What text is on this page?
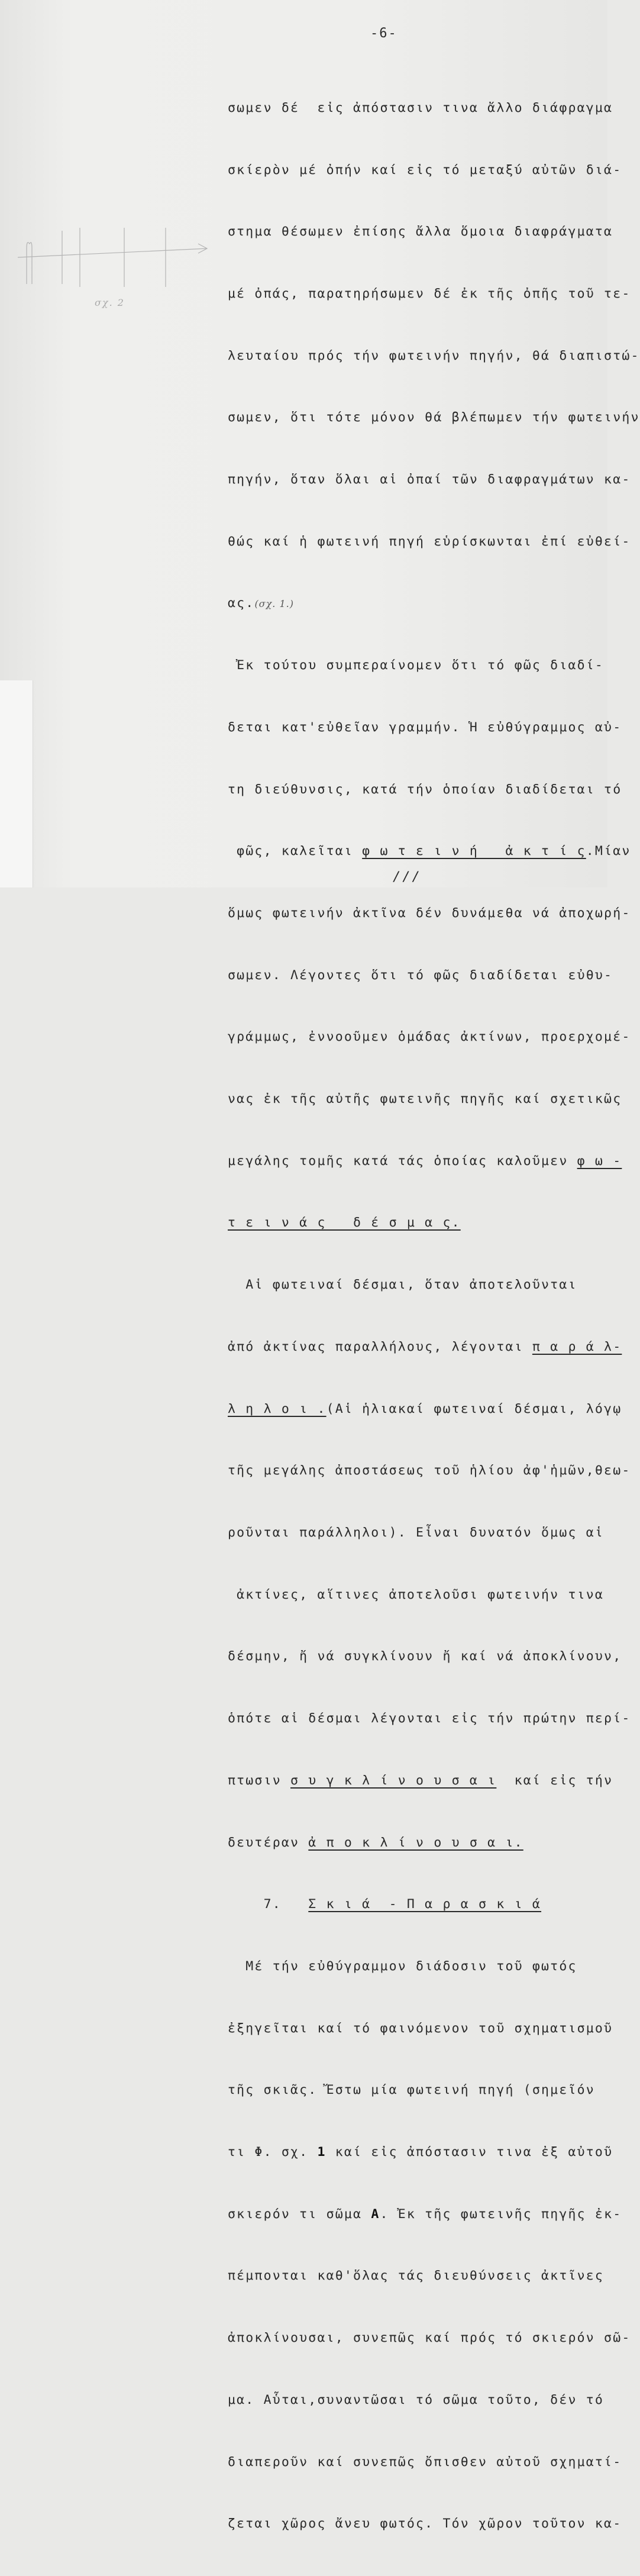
-6-
σχ. 2

σωμεν δέ  εἰς ἀπόστασιν τινα ἄλλο διάφραγμα

σκίερὸν μέ ὀπήν καί εἰς τό μεταξύ αὐτῶν διά-

στημα θέσωμεν ἐπίσης ἄλλα ὅμοια διαφράγματα

μέ ὀπάς, παρατηρήσωμεν δέ ἐκ τῆς ὀπῆς τοῦ τε-

λευταίου πρός τήν φωτεινήν πηγήν, θά διαπιστώ-

σωμεν, ὅτι τότε μόνον θά βλέπωμεν τήν φωτεινήν

πηγήν, ὅταν ὅλαι αἱ ὀπαί τῶν διαφραγμάτων κα-

θώς καί ἡ φωτεινή πηγή εὑρίσκωνται ἐπί εὐθεί-

ας.(σχ. 1.)

Ἐκ τούτου συμπεραίνομεν ὅτι τό φῶς διαδί-

δεται κατ'εὐθεῖαν γραμμήν. Ἡ εὐθύγραμμος αὐ-

τη διεύθυνσις, κατά τήν ὁποίαν διαδίδεται τό

φῶς, καλεῖται φ ω τ ε ι ν ή   ἀ κ τ ί ς.Μίαν

ὅμως φωτεινήν ἀκτῖνα δέν δυνάμεθα νά ἀποχωρή-

σωμεν. Λέγοντες ὅτι τό φῶς διαδίδεται εὐθυ-

γράμμως, ἐννοοῦμεν ὁμάδας ἀκτίνων, προερχομέ-

νας ἐκ τῆς αὐτῆς φωτεινῆς πηγῆς καί σχετικῶς

μεγάλης τομῆς κατά τάς ὁποίας καλοῦμεν φ ω -

τ ε ι ν ά ς   δ έ σ μ α ς.

Αἱ φωτειναί δέσμαι, ὅταν ἀποτελοῦνται

ἀπό ἀκτίνας παραλλήλους, λέγονται π α ρ ά λ-

λ η λ ο ι .(Αἱ ἡλιακαί φωτειναί δέσμαι, λόγῳ

τῆς μεγάλης ἀποστάσεως τοῦ ἡλίου ἀφ'ἡμῶν,θεω-

ροῦνται παράλληλοι). Εἶναι δυνατόν ὅμως αἱ

ἀκτίνες, αἵτινες ἀποτελοῦσι φωτεινήν τινα

δέσμην, ἤ νά συγκλίνουν ἤ καί νά ἀποκλίνουν,

ὁπότε αἱ δέσμαι λέγονται εἰς τήν πρώτην περί-

πτωσιν σ υ γ κ λ ί ν ο υ σ α ι  καί εἰς τήν

δευτέραν ἀ π ο κ λ ί ν ο υ σ α ι.

7.   Σ κ ι ά  - Π α ρ α σ κ ι ά

Μέ τήν εὐθύγραμμον διάδοσιν τοῦ φωτός

ἐξηγεῖται καί τό φαινόμενον τοῦ σχηματισμοῦ

τῆς σκιᾶς. Ἔστω μία φωτεινή πηγή (σημεῖόν

τι Φ. σχ. 1 καί εἰς ἀπόστασιν τινα ἐξ αὐτοῦ

σκιερόν τι σῶμα Α. Ἐκ τῆς φωτεινῆς πηγῆς ἐκ-

πέμπονται καθ'ὅλας τάς διευθύνσεις ἀκτῖνες

ἀποκλίνουσαι, συνεπῶς καί πρός τό σκιερόν σῶ-

μα. Αὗται,συναντῶσαι τό σῶμα τοῦτο, δέν τό

διαπεροῦν καί συνεπῶς ὄπισθεν αὐτοῦ σχηματί-

ζεται χῶρος ἄνευ φωτός. Τόν χῶρον τοῦτον κα-

///
